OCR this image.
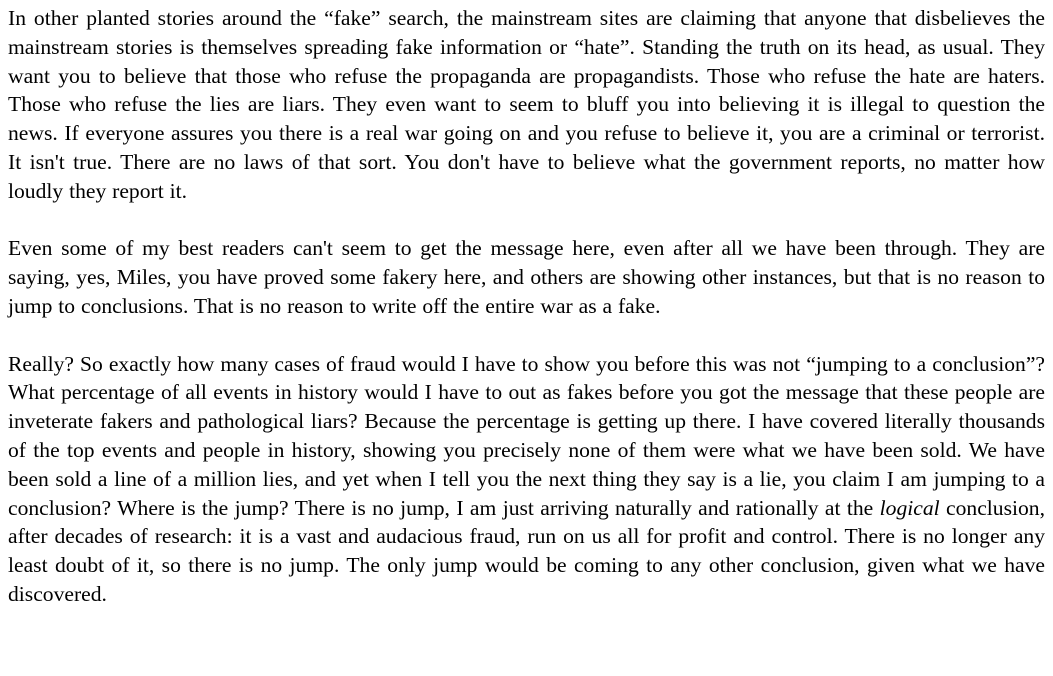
In other planted stories around the “fake” search, the mainstream sites are claiming that anyone that disbelieves the mainstream stories is themselves spreading fake information or “hate”. Standing the truth on its head, as usual. They want you to believe that those who refuse the propaganda are propagandists. Those who refuse the hate are haters. Those who refuse the lies are liars. They even want to seem to bluff you into believing it is illegal to question the news. If everyone assures you there is a real war going on and you refuse to believe it, you are a criminal or terrorist. It isn't true. There are no laws of that sort. You don't have to believe what the government reports, no matter how loudly they report it.

Even some of my best readers can't seem to get the message here, even after all we have been through. They are saying, yes, Miles, you have proved some fakery here, and others are showing other instances, but that is no reason to jump to conclusions. That is no reason to write off the entire war as a fake.

Really? So exactly how many cases of fraud would I have to show you before this was not “jumping to a conclusion”? What percentage of all events in history would I have to out as fakes before you got the message that these people are inveterate fakers and pathological liars? Because the percentage is getting up there. I have covered literally thousands of the top events and people in history, showing you precisely none of them were what we have been sold. We have been sold a line of a million lies, and yet when I tell you the next thing they say is a lie, you claim I am jumping to a conclusion? Where is the jump? There is no jump, I am just arriving naturally and rationally at the logical conclusion, after decades of research: it is a vast and audacious fraud, run on us all for profit and control. There is no longer any least doubt of it, so there is no jump. The only jump would be coming to any other conclusion, given what we have discovered.
